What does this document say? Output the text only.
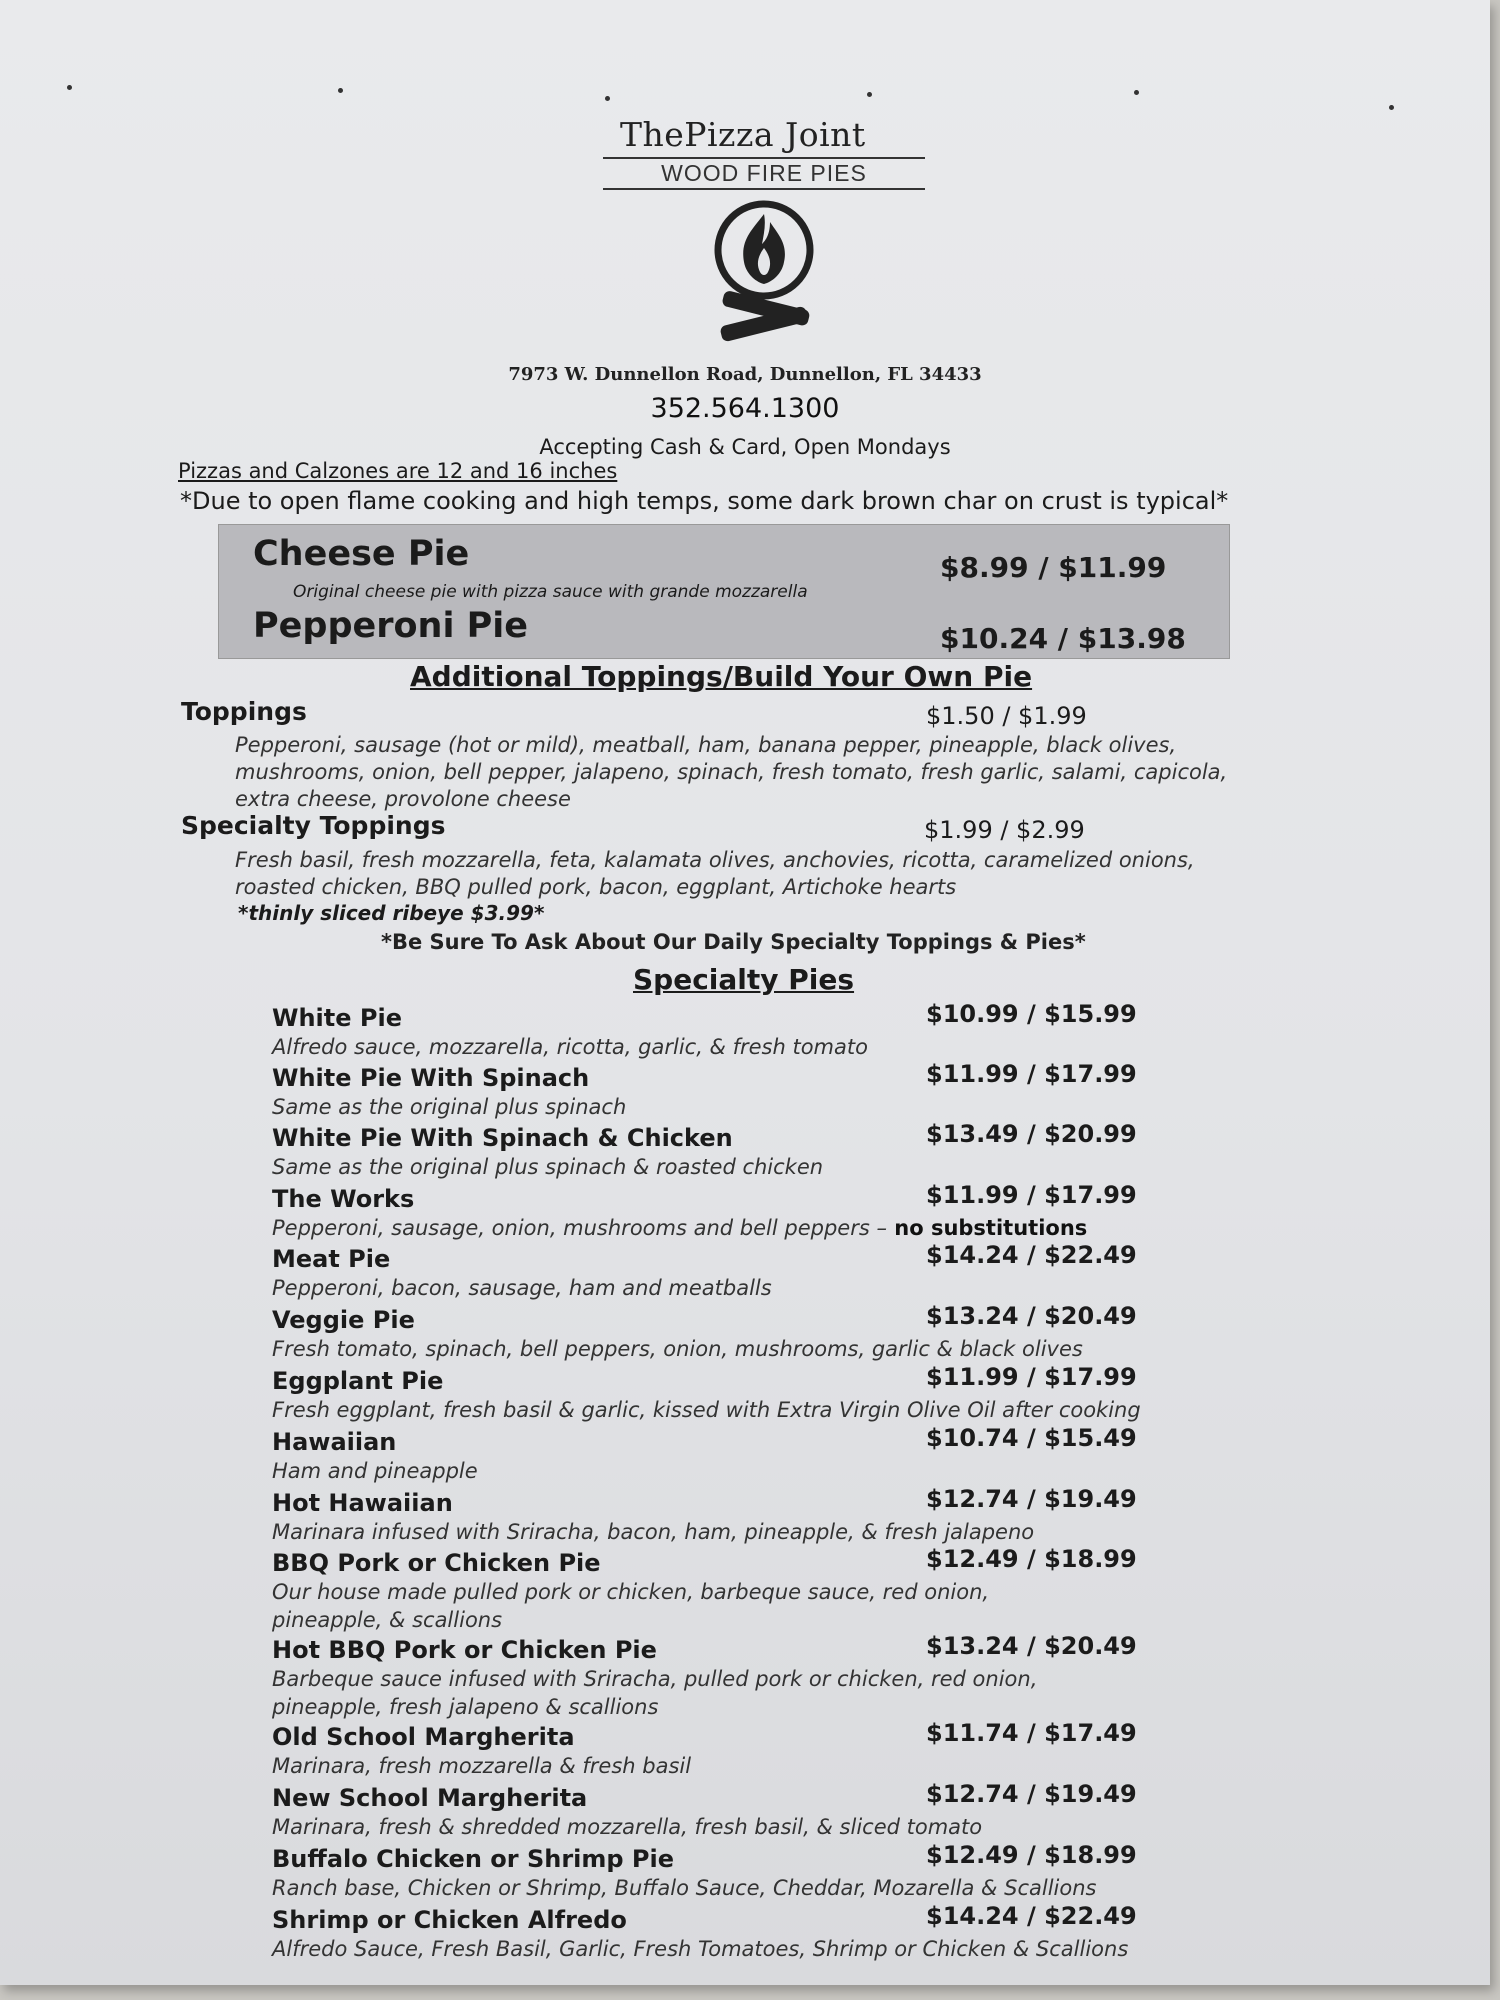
ThePizza Joint
WOOD FIRE PIES
7973 W. Dunnellon Road, Dunnellon, FL 34433
352.564.1300
Accepting Cash & Card, Open Mondays
Pizzas and Calzones are 12 and 16 inches
*Due to open flame cooking and high temps, some dark brown char on crust is typical*
Cheese Pie	$8.99 / $11.99
Original cheese pie with pizza sauce with grande mozzarella
Pepperoni Pie	$10.24 / $13.98
Additional Toppings/Build Your Own Pie
Toppings	$1.50 / $1.99
Pepperoni, sausage (hot or mild), meatball, ham, banana pepper, pineapple, black olives,
mushrooms, onion, bell pepper, jalapeno, spinach, fresh tomato, fresh garlic, salami, capicola,
extra cheese, provolone cheese
Specialty Toppings	$1.99 / $2.99
Fresh basil, fresh mozzarella, feta, kalamata olives, anchovies, ricotta, caramelized onions,
roasted chicken, BBQ pulled pork, bacon, eggplant, Artichoke hearts
*thinly sliced ribeye $3.99*
*Be Sure To Ask About Our Daily Specialty Toppings & Pies*
Specialty Pies
White Pie	$10.99 / $15.99
Alfredo sauce, mozzarella, ricotta, garlic, & fresh tomato
White Pie With Spinach	$11.99 / $17.99
Same as the original plus spinach
White Pie With Spinach & Chicken	$13.49 / $20.99
Same as the original plus spinach & roasted chicken
The Works	$11.99 / $17.99
Pepperoni, sausage, onion, mushrooms and bell peppers – no substitutions
Meat Pie	$14.24 / $22.49
Pepperoni, bacon, sausage, ham and meatballs
Veggie Pie	$13.24 / $20.49
Fresh tomato, spinach, bell peppers, onion, mushrooms, garlic & black olives
Eggplant Pie	$11.99 / $17.99
Fresh eggplant, fresh basil & garlic, kissed with Extra Virgin Olive Oil after cooking
Hawaiian	$10.74 / $15.49
Ham and pineapple
Hot Hawaiian	$12.74 / $19.49
Marinara infused with Sriracha, bacon, ham, pineapple, & fresh jalapeno
BBQ Pork or Chicken Pie	$12.49 / $18.99
Our house made pulled pork or chicken, barbeque sauce, red onion,
pineapple, & scallions
Hot BBQ Pork or Chicken Pie	$13.24 / $20.49
Barbeque sauce infused with Sriracha, pulled pork or chicken, red onion,
pineapple, fresh jalapeno & scallions
Old School Margherita	$11.74 / $17.49
Marinara, fresh mozzarella & fresh basil
New School Margherita	$12.74 / $19.49
Marinara, fresh & shredded mozzarella, fresh basil, & sliced tomato
Buffalo Chicken or Shrimp Pie	$12.49 / $18.99
Ranch base, Chicken or Shrimp, Buffalo Sauce, Cheddar, Mozarella & Scallions
Shrimp or Chicken Alfredo	$14.24 / $22.49
Alfredo Sauce, Fresh Basil, Garlic, Fresh Tomatoes, Shrimp or Chicken & Scallions
